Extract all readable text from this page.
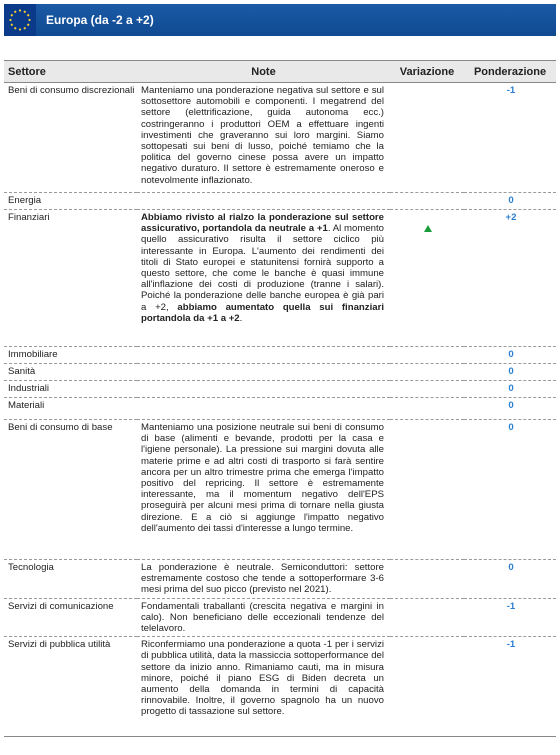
Europa (da -2 a +2)
Settore	Note	Variazione	Ponderazione
Beni di consumo discrezionali	Manteniamo una ponderazione negativa sul settore e sul sottosettore automobili e componenti. I megatrend del settore (elettrificazione, guida autonoma ecc.) costringeranno i produttori OEM a effettuare ingenti investimenti che graveranno sui loro margini. Siamo sottopesati sui beni di lusso, poiché temiamo che la politica del governo cinese possa avere un impatto negativo duraturo. Il settore è estremamente oneroso e notevolmente inflazionato.		-1
Energia			0
Finanziari	Abbiamo rivisto al rialzo la ponderazione sul settore assicurativo, portandola da neutrale a +1. Al momento quello assicurativo risulta il settore ciclico più interessante in Europa. L'aumento dei rendimenti dei titoli di Stato europei e statunitensi fornirà supporto a questo settore, che come le banche è quasi immune all'inflazione dei costi di produzione (tranne i salari). Poiché la ponderazione delle banche europea è già pari a +2, abbiamo aumentato quella sui finanziari portandola da +1 a +2.		+2
Immobiliare			0
Sanità			0
Industriali			0
Materiali			0
Beni di consumo di base	Manteniamo una posizione neutrale sui beni di consumo di base (alimenti e bevande, prodotti per la casa e l'igiene personale). La pressione sui margini dovuta alle materie prime e ad altri costi di trasporto si farà sentire ancora per un altro trimestre prima che emerga l'impatto positivo del repricing. Il settore è estremamente interessante, ma il momentum negativo dell'EPS proseguirà per alcuni mesi prima di tornare nella giusta direzione. E a ciò si aggiunge l'impatto negativo dell'aumento dei tassi d'interesse a lungo termine.		0
Tecnologia	La ponderazione è neutrale. Semiconduttori: settore estremamente costoso che tende a sottoperformare 3-6 mesi prima del suo picco (previsto nel 2021).		0
Servizi di comunicazione	Fondamentali traballanti (crescita negativa e margini in calo). Non beneficiano delle eccezionali tendenze del telelavoro.		-1
Servizi di pubblica utilità	Riconfermiamo una ponderazione a quota -1 per i servizi di pubblica utilità, data la massiccia sottoperformance del settore da inizio anno. Rimaniamo cauti, ma in misura minore, poiché il piano ESG di Biden decreta un aumento della domanda in termini di capacità rinnovabile. Inoltre, il governo spagnolo ha un nuovo progetto di tassazione sul settore.		-1
